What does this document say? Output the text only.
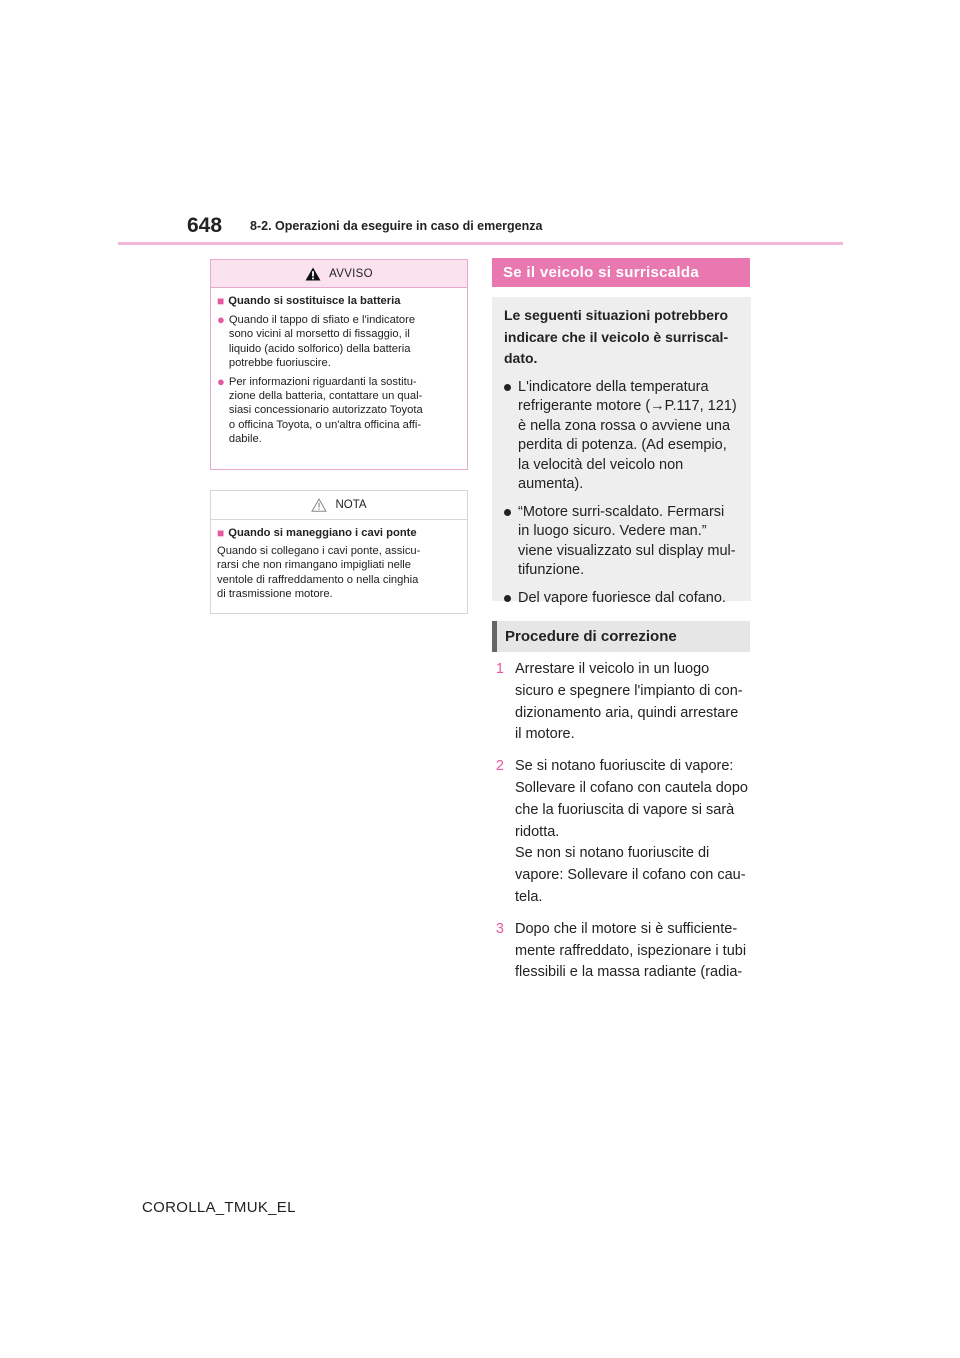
648 8-2. Operazioni da eseguire in caso di emergenza
AVVISO
■ Quando si sostituisce la batteria
● Quando il tappo di sfiato e l'indicatore
sono vicini al morsetto di fissaggio, il
liquido (acido solforico) della batteria
potrebbe fuoriuscire.
● Per informazioni riguardanti la sostitu-
zione della batteria, contattare un qual-
siasi concessionario autorizzato Toyota
o officina Toyota, o un'altra officina affi-
dabile.
NOTA
■ Quando si maneggiano i cavi ponte
Quando si collegano i cavi ponte, assicu-
rarsi che non rimangano impigliati nelle
ventole di raffreddamento o nella cinghia
di trasmissione motore.
Se il veicolo si surriscalda
Le seguenti situazioni potrebbero
indicare che il veicolo è surriscal-
dato.
L'indicatore della temperatura
refrigerante motore (→P.117, 121)
è nella zona rossa o avviene una
perdita di potenza. (Ad esempio,
la velocità del veicolo non
aumenta).
“Motore surri-scaldato. Fermarsi
in luogo sicuro. Vedere man.”
viene visualizzato sul display mul-
tifunzione.
Del vapore fuoriesce dal cofano.
Procedure di correzione
1 Arrestare il veicolo in un luogo
sicuro e spegnere l'impianto di con-
dizionamento aria, quindi arrestare
il motore.
2 Se si notano fuoriuscite di vapore:
Sollevare il cofano con cautela dopo
che la fuoriuscita di vapore si sarà
ridotta.
Se non si notano fuoriuscite di
vapore: Sollevare il cofano con cau-
tela.
3 Dopo che il motore si è sufficiente-
mente raffreddato, ispezionare i tubi
flessibili e la massa radiante (radia-
COROLLA_TMUK_EL
